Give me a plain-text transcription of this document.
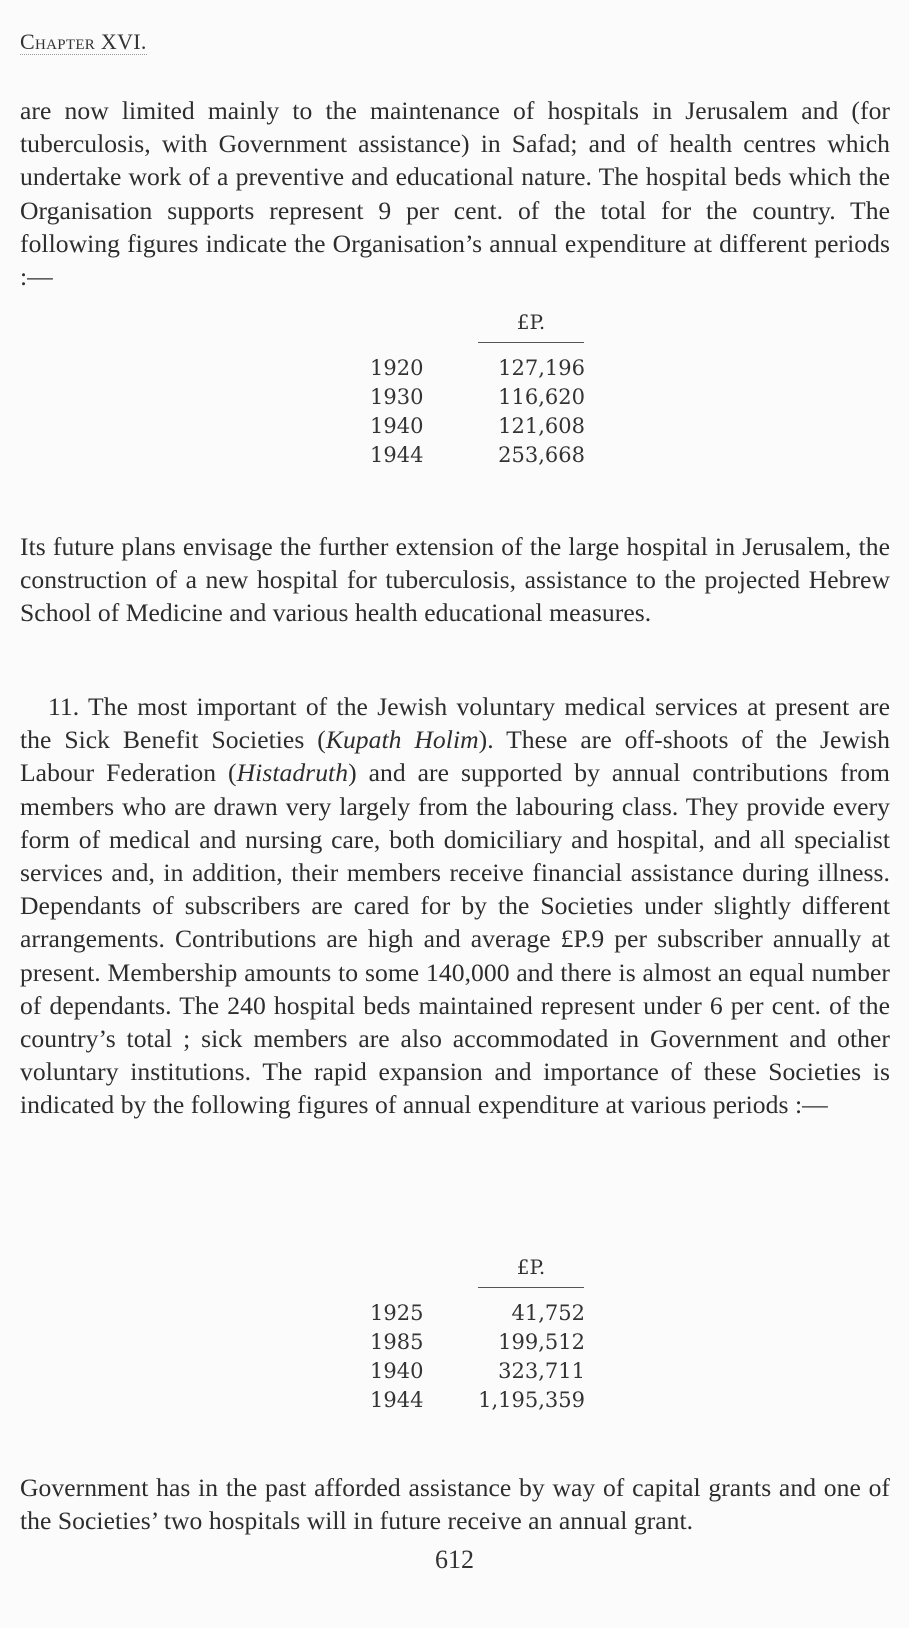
Chapter XVI.

are now limited mainly to the maintenance of hospitals in Jerusalem and (for tuberculosis, with Government assistance) in Safad; and of health centres which undertake work of a preventive and educational nature. The hospital beds which the Organisation supports represent 9 per cent. of the total for the country. The following figures indicate the Organisation’s annual expenditure at different periods :—

£P.
1920	127,196
1930	116,620
1940	121,608
1944	253,668

Its future plans envisage the further extension of the large hospital in Jerusalem, the construction of a new hospital for tuberculosis, assistance to the projected Hebrew School of Medicine and various health educational measures.

11. The most important of the Jewish voluntary medical services at present are the Sick Benefit Societies (Kupath Holim). These are off-shoots of the Jewish Labour Federation (Histadruth) and are supported by annual contributions from members who are drawn very largely from the labouring class. They provide every form of medical and nursing care, both domiciliary and hospital, and all specialist services and, in addition, their members receive financial assistance during illness. Dependants of subscribers are cared for by the Societies under slightly different arrangements. Contributions are high and average £P.9 per subscriber annually at present. Membership amounts to some 140,000 and there is almost an equal number of dependants. The 240 hospital beds maintained represent under 6 per cent. of the country’s total ; sick members are also accommodated in Government and other voluntary institutions. The rapid expansion and importance of these Societies is indicated by the following figures of annual expenditure at various periods :—

£P.
1925	41,752
1985	199,512
1940	323,711
1944	1,195,359

Government has in the past afforded assistance by way of capital grants and one of the Societies’ two hospitals will in future receive an annual grant.

612
